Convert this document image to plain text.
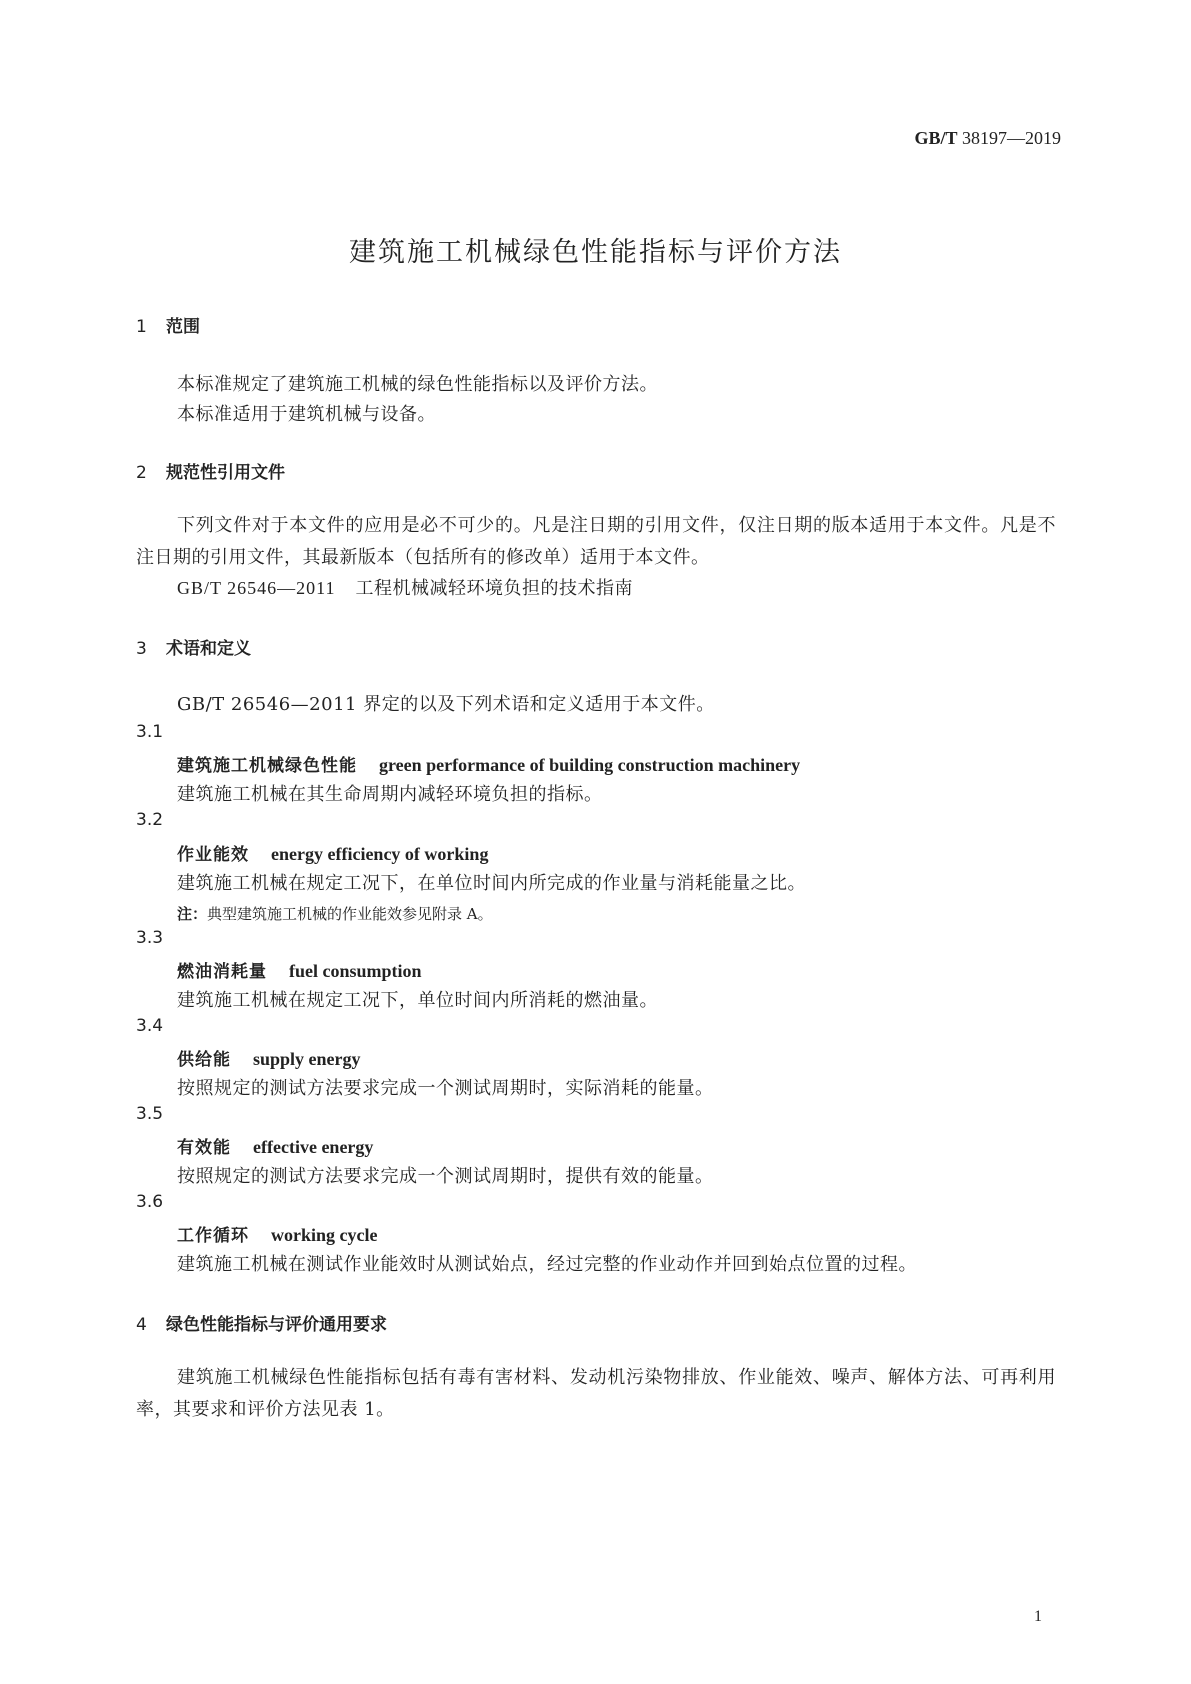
GB/T 38197—2019
建筑施工机械绿色性能指标与评价方法
1 范围
本标准规定了建筑施工机械的绿色性能指标以及评价方法。
本标准适用于建筑机械与设备。
2 规范性引用文件
下列文件对于本文件的应用是必不可少的。凡是注日期的引用文件，仅注日期的版本适用于本文件。凡是不注日期的引用文件，其最新版本（包括所有的修改单）适用于本文件。
GB/T 26546—2011 工程机械减轻环境负担的技术指南
3 术语和定义
GB/T 26546—2011 界定的以及下列术语和定义适用于本文件。
3.1
建筑施工机械绿色性能 green performance of building construction machinery
建筑施工机械在其生命周期内减轻环境负担的指标。
3.2
作业能效 energy efficiency of working
建筑施工机械在规定工况下，在单位时间内所完成的作业量与消耗能量之比。
注：典型建筑施工机械的作业能效参见附录 A。
3.3
燃油消耗量 fuel consumption
建筑施工机械在规定工况下，单位时间内所消耗的燃油量。
3.4
供给能 supply energy
按照规定的测试方法要求完成一个测试周期时，实际消耗的能量。
3.5
有效能 effective energy
按照规定的测试方法要求完成一个测试周期时，提供有效的能量。
3.6
工作循环 working cycle
建筑施工机械在测试作业能效时从测试始点，经过完整的作业动作并回到始点位置的过程。
4 绿色性能指标与评价通用要求
建筑施工机械绿色性能指标包括有毒有害材料、发动机污染物排放、作业能效、噪声、解体方法、可再利用率，其要求和评价方法见表 1。
1
